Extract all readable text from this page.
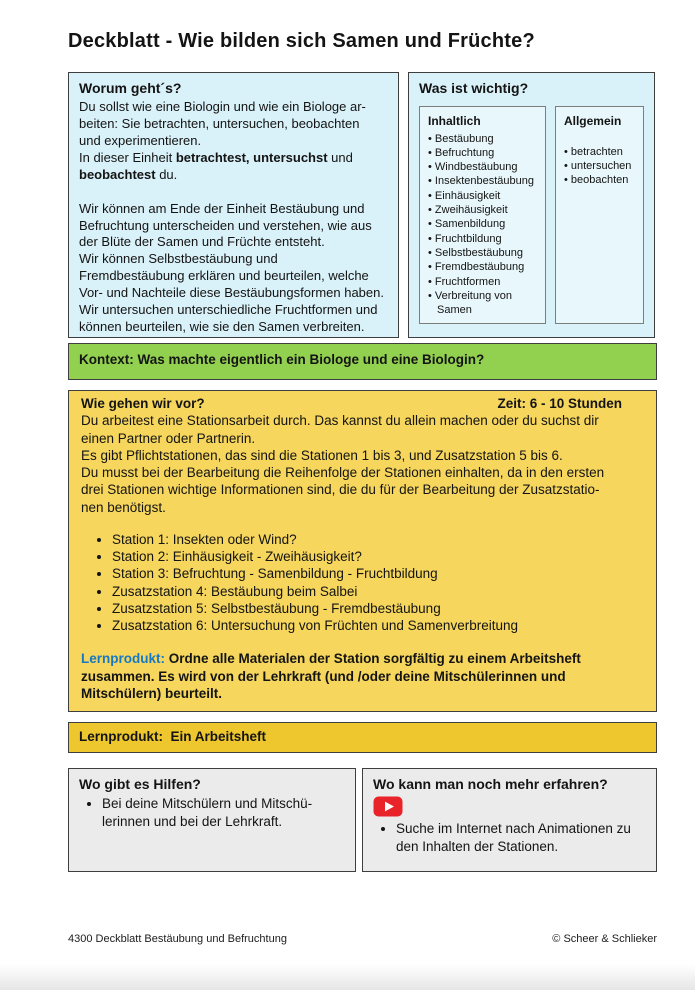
Deckblatt - Wie bilden sich Samen und Früchte?
Worum geht´s?
Du sollst wie eine Biologin und wie ein Biologe ar-
beiten: Sie betrachten, untersuchen, beobachten
und experimentieren.
In dieser Einheit betrachtest, untersuchst und
beobachtest du.
Wir können am Ende der Einheit Bestäubung und
Befruchtung unterscheiden und verstehen, wie aus
der Blüte der Samen und Früchte entsteht.
Wir können Selbstbestäubung und
Fremdbestäubung erklären und beurteilen, welche
Vor- und Nachteile diese Bestäubungsformen haben.
Wir untersuchen unterschiedliche Fruchtformen und
können beurteilen, wie sie den Samen verbreiten.
Was ist wichtig?
Inhaltlich
• Bestäubung
• Befruchtung
• Windbestäubung
• Insektenbestäubung
• Einhäusigkeit
• Zweihäusigkeit
• Samenbildung
• Fruchtbildung
• Selbstbestäubung
• Fremdbestäubung
• Fruchtformen
• Verbreitung von Samen
Allgemein
• betrachten
• untersuchen
• beobachten
Kontext: Was machte eigentlich ein Biologe und eine Biologin?
Wie gehen wir vor?	Zeit: 6 - 10 Stunden
Du arbeitest eine Stationsarbeit durch. Das kannst du allein machen oder du suchst dir
einen Partner oder Partnerin.
Es gibt Pflichtstationen, das sind die Stationen 1 bis 3, und Zusatzstation 5 bis 6.
Du musst bei der Bearbeitung die Reihenfolge der Stationen einhalten, da in den ersten
drei Stationen wichtige Informationen sind, die du für der Bearbeitung der Zusatzstatio-
nen benötigst.
• Station 1: Insekten oder Wind?
• Station 2: Einhäusigkeit - Zweihäusigkeit?
• Station 3: Befruchtung - Samenbildung - Fruchtbildung
• Zusatzstation 4: Bestäubung beim Salbei
• Zusatzstation 5: Selbstbestäubung - Fremdbestäubung
• Zusatzstation 6: Untersuchung von Früchten und Samenverbreitung
Lernprodukt: Ordne alle Materialen der Station sorgfältig zu einem Arbeitsheft
zusammen. Es wird von der Lehrkraft (und /oder deine Mitschülerinnen und
Mitschülern) beurteilt.
Lernprodukt:  Ein Arbeitsheft
Wo gibt es Hilfen?
• Bei deine Mitschülern und Mitschü-
lerinnen und bei der Lehrkraft.
Wo kann man noch mehr erfahren?
• Suche im Internet nach Animationen zu
den Inhalten der Stationen.
4300 Deckblatt Bestäubung und Befruchtung	© Scheer & Schlieker
